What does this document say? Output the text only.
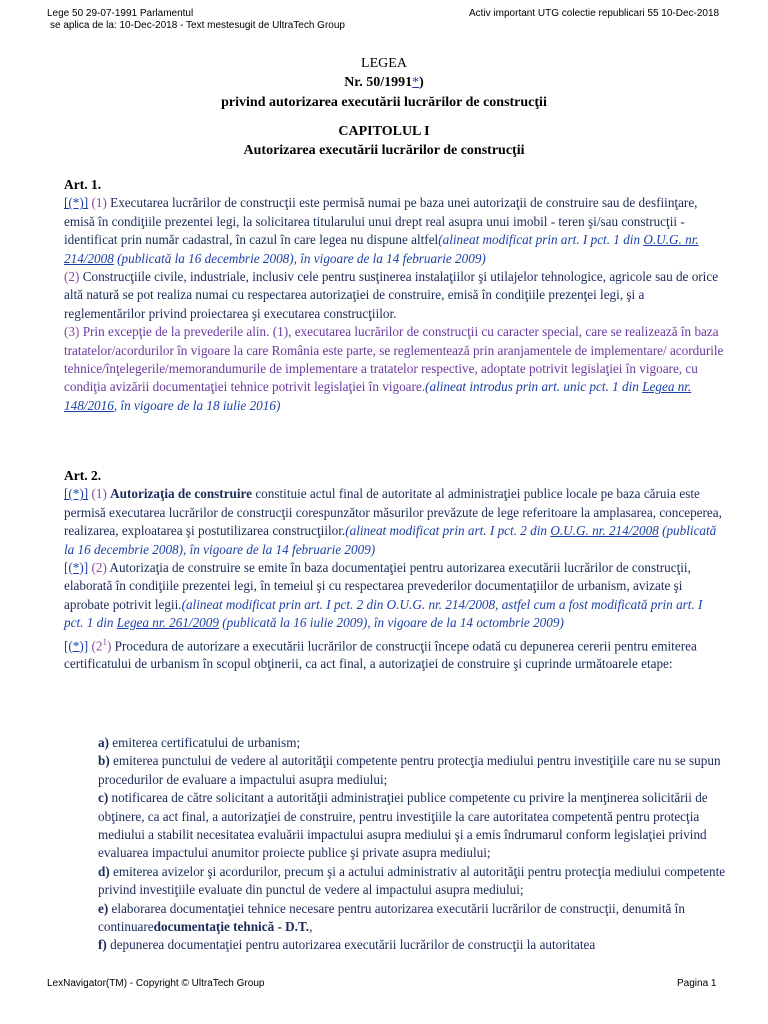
Lege 50 29-07-1991 Parlamentul
se aplica de la: 10-Dec-2018 - Text mestesugit de UltraTech Group
Activ important UTG colectie republicari 55 10-Dec-2018
LEGEA
Nr. 50/1991*)
privind autorizarea executării lucrărilor de construcţii
CAPITOLUL I
Autorizarea executării lucrărilor de construcţii

Art. 1.

[(*)] (1) Executarea lucrărilor de construcţii este permisă numai pe baza unei autorizaţii de construire sau de desfiinţare, emisă în condiţiile prezentei legi, la solicitarea titularului unui drept real asupra unui imobil - teren şi/sau construcţii - identificat prin număr cadastral, în cazul în care legea nu dispune altfel(alineat modificat prin art. I pct. 1 din O.U.G. nr. 214/2008 (publicată la 16 decembrie 2008), în vigoare de la 14 februarie 2009)

(2) Construcţiile civile, industriale, inclusiv cele pentru susţinerea instalaţiilor şi utilajelor tehnologice, agricole sau de orice altă natură se pot realiza numai cu respectarea autorizaţiei de construire, emisă în condiţiile prezenţei legi, şi a reglementărilor privind proiectarea şi executarea construcţiilor.

(3) Prin excepţie de la prevederile alin. (1), executarea lucrărilor de construcţii cu caracter special, care se realizează în baza tratatelor/acordurilor în vigoare la care România este parte, se reglementează prin aranjamentele de implementare/ acordurile tehnice/înţelegerile/memorandumurile de implementare a tratatelor respective, adoptate potrivit legislaţiei în vigoare, cu condiţia avizării documentaţiei tehnice potrivit legislaţiei în vigoare.(alineat introdus prin art. unic pct. 1 din Legea nr. 148/2016, în vigoare de la 18 iulie 2016)

Art. 2.

[(*)] (1) Autorizaţia de construire constituie actul final de autoritate al administraţiei publice locale pe baza căruia este permisă executarea lucrărilor de construcţii corespunzător măsurilor prevăzute de lege referitoare la amplasarea, conceperea, realizarea, exploatarea şi postutilizarea construcţiilor.(alineat modificat prin art. I pct. 2 din O.U.G. nr. 214/2008 (publicată la 16 decembrie 2008), în vigoare de la 14 februarie 2009)

[(*)] (2) Autorizaţia de construire se emite în baza documentaţiei pentru autorizarea executării lucrărilor de construcţii, elaborată în condiţiile prezentei legi, în temeiul şi cu respectarea prevederilor documentaţiilor de urbanism, avizate şi aprobate potrivit legii.(alineat modificat prin art. I pct. 2 din O.U.G. nr. 214/2008, astfel cum a fost modificată prin art. I pct. 1 din Legea nr. 261/2009 (publicată la 16 iulie 2009), în vigoare de la 14 octombrie 2009)

[(*)] $(2^1)$ Procedura de autorizare a executării lucrărilor de construcţii începe odată cu depunerea cererii pentru emiterea certificatului de urbanism în scopul obţinerii, ca act final, a autorizaţiei de construire şi cuprinde următoarele etape:

a) emiterea certificatului de urbanism;

b) emiterea punctului de vedere al autorităţii competente pentru protecţia mediului pentru investiţiile care nu se supun procedurilor de evaluare a impactului asupra mediului;

c) notificarea de către solicitant a autorităţii administraţiei publice competente cu privire la menţinerea solicitării de obţinere, ca act final, a autorizaţiei de construire, pentru investiţiile la care autoritatea competentă pentru protecţia mediului a stabilit necesitatea evaluării impactului asupra mediului şi a emis îndrumarul conform legislaţiei privind evaluarea impactului anumitor proiecte publice şi private asupra mediului;

d) emiterea avizelor şi acordurilor, precum şi a actului administrativ al autorităţii pentru protecţia mediului competente privind investiţiile evaluate din punctul de vedere al impactului asupra mediului;

e) elaborarea documentaţiei tehnice necesare pentru autorizarea executării lucrărilor de construcţii, denumită în continuaredocumentaţie tehnică - D.T.,

f) depunerea documentaţiei pentru autorizarea executării lucrărilor de construcţii la autoritatea

LexNavigator(TM) - Copyright © UltraTech Group	Pagina 1
